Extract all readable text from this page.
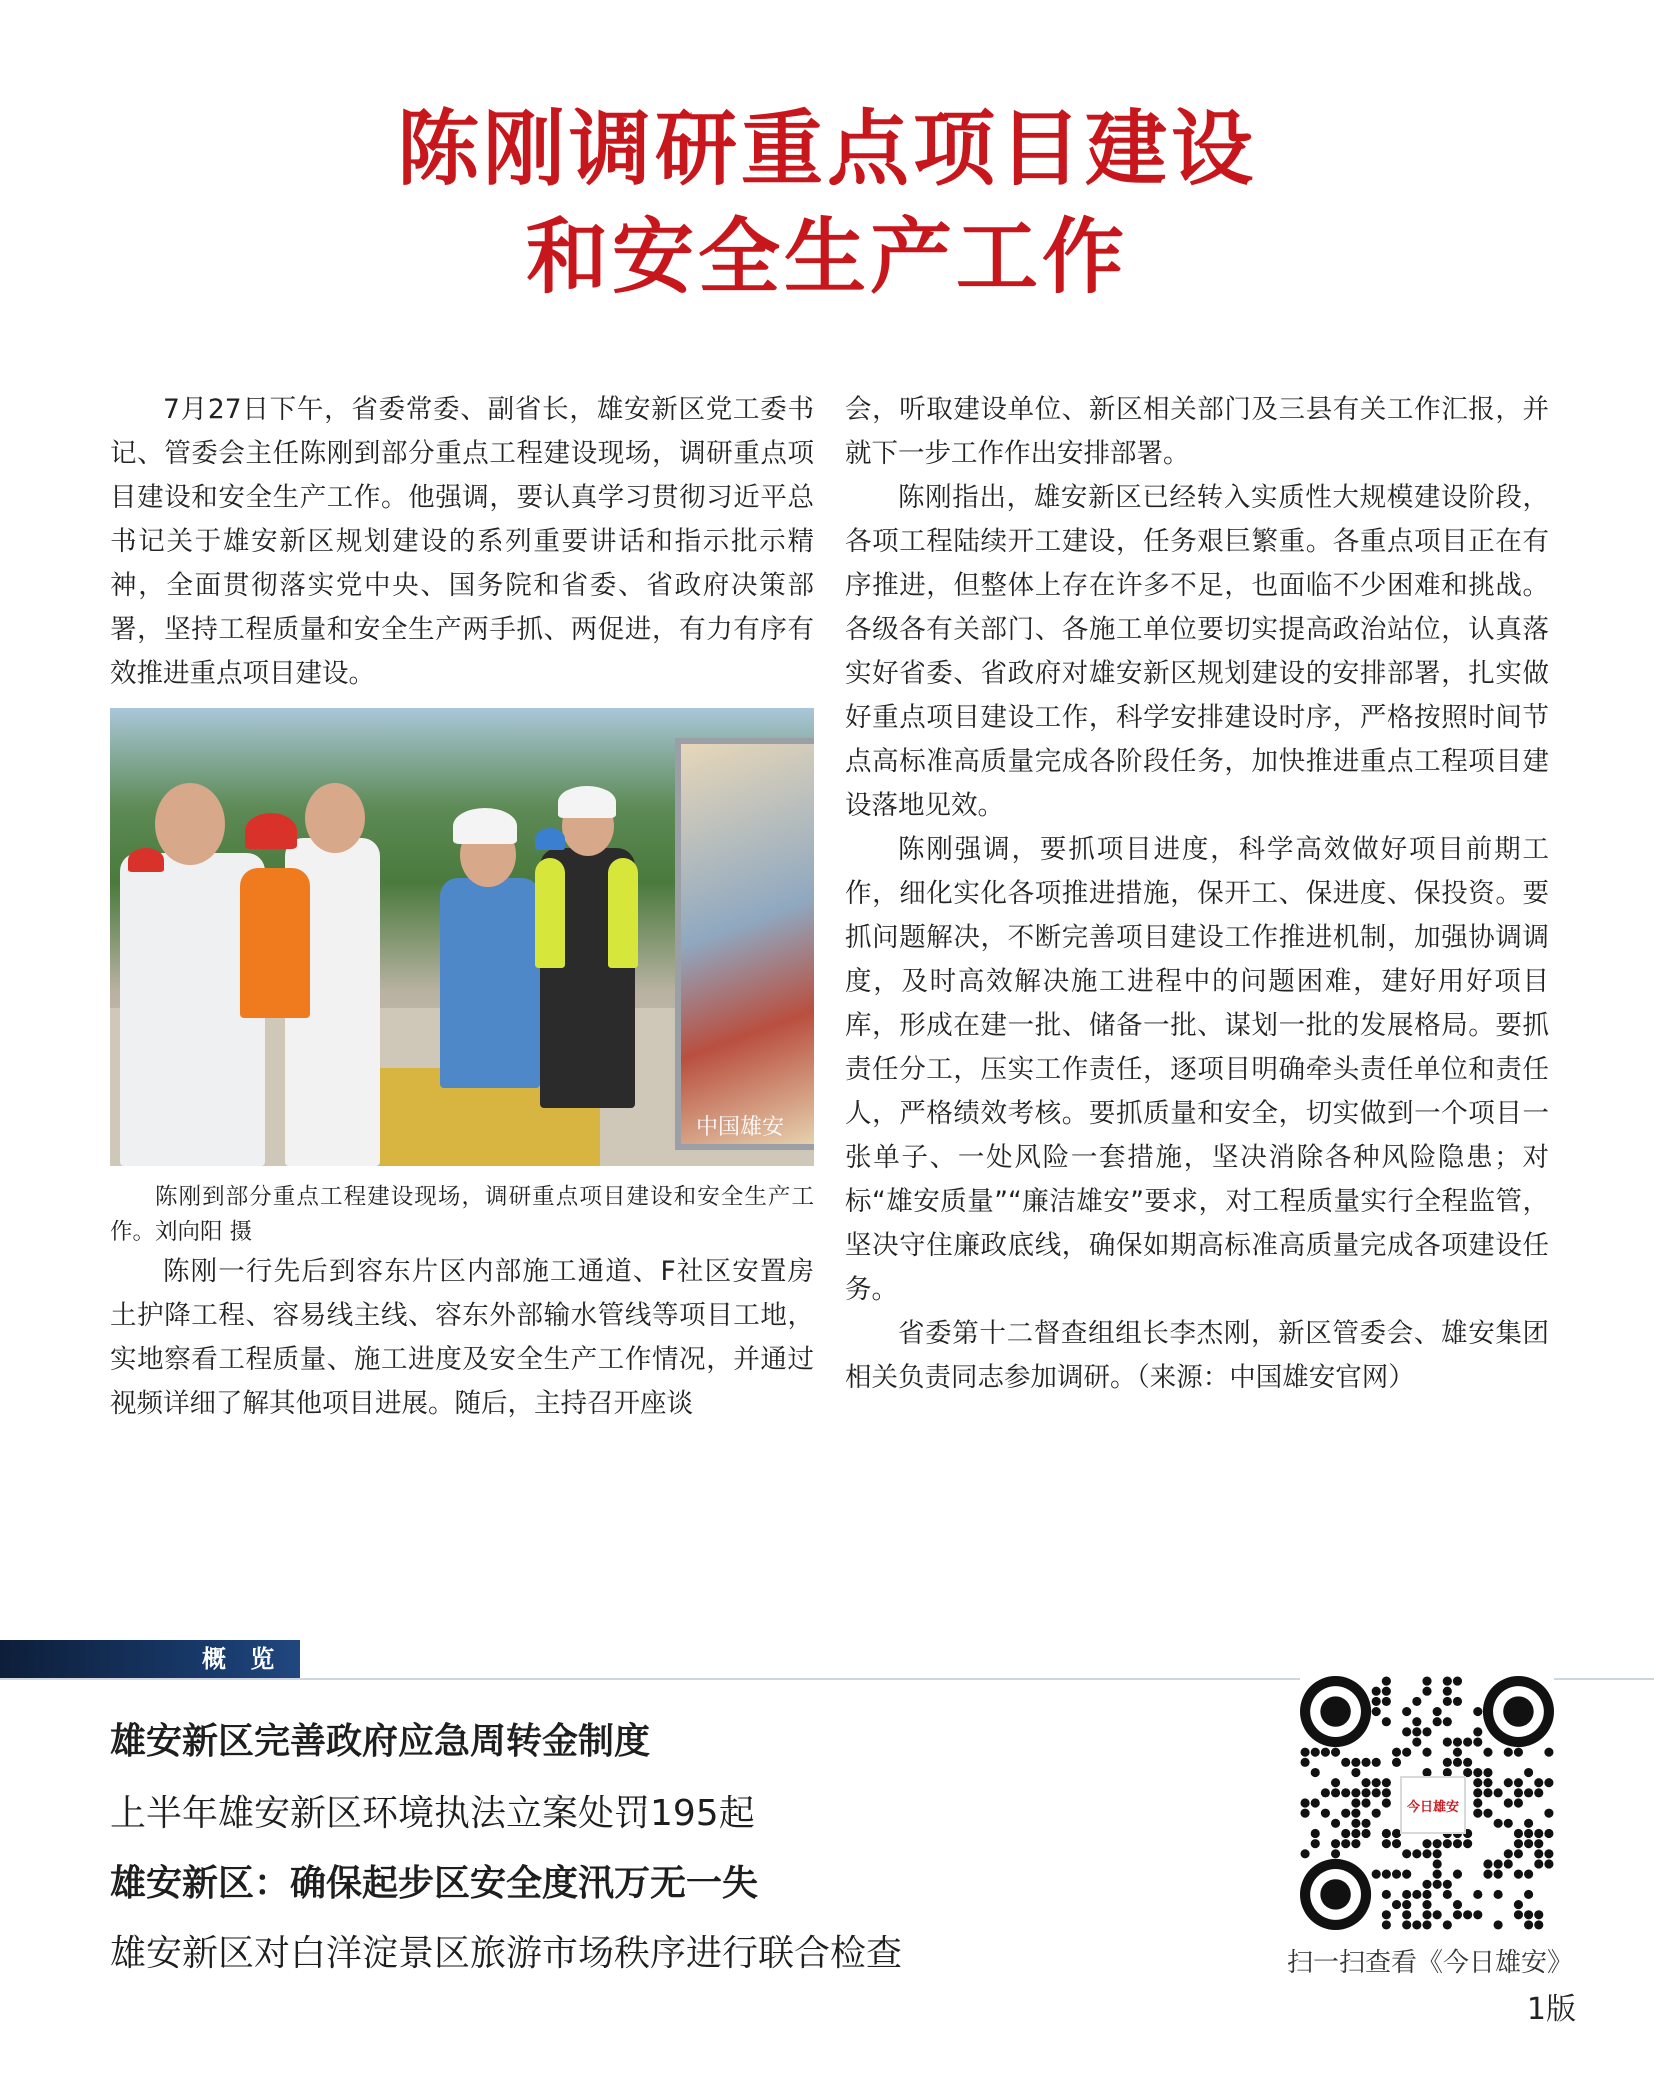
陈刚调研重点项目建设
和安全生产工作

7月27日下午，省委常委、副省长，雄安新区党工委书记、管委会主任陈刚到部分重点工程建设现场，调研重点项目建设和安全生产工作。他强调，要认真学习贯彻习近平总书记关于雄安新区规划建设的系列重要讲话和指示批示精神，全面贯彻落实党中央、国务院和省委、省政府决策部署，坚持工程质量和安全生产两手抓、两促进，有力有序有效推进重点项目建设。

中国雄安

陈刚到部分重点工程建设现场，调研重点项目建设和安全生产工作。刘向阳 摄

陈刚一行先后到容东片区内部施工通道、F社区安置房土护降工程、容易线主线、容东外部输水管线等项目工地，实地察看工程质量、施工进度及安全生产工作情况，并通过视频详细了解其他项目进展。随后，主持召开座谈

会，听取建设单位、新区相关部门及三县有关工作汇报，并就下一步工作作出安排部署。

陈刚指出，雄安新区已经转入实质性大规模建设阶段，各项工程陆续开工建设，任务艰巨繁重。各重点项目正在有序推进，但整体上存在许多不足，也面临不少困难和挑战。各级各有关部门、各施工单位要切实提高政治站位，认真落实好省委、省政府对雄安新区规划建设的安排部署，扎实做好重点项目建设工作，科学安排建设时序，严格按照时间节点高标准高质量完成各阶段任务，加快推进重点工程项目建设落地见效。

陈刚强调，要抓项目进度，科学高效做好项目前期工作，细化实化各项推进措施，保开工、保进度、保投资。要抓问题解决，不断完善项目建设工作推进机制，加强协调调度，及时高效解决施工进程中的问题困难，建好用好项目库，形成在建一批、储备一批、谋划一批的发展格局。要抓责任分工，压实工作责任，逐项目明确牵头责任单位和责任人，严格绩效考核。要抓质量和安全，切实做到一个项目一张单子、一处风险一套措施，坚决消除各种风险隐患；对标“雄安质量”“廉洁雄安”要求，对工程质量实行全程监管，坚决守住廉政底线，确保如期高标准高质量完成各项建设任务。

省委第十二督查组组长李杰刚，新区管委会、雄安集团相关负责同志参加调研。（来源：中国雄安官网）

概 览
雄安新区完善政府应急周转金制度
上半年雄安新区环境执法立案处罚195起
雄安新区：确保起步区安全度汛万无一失
雄安新区对白洋淀景区旅游市场秩序进行联合检查
今日雄安
扫一扫查看《今日雄安》
1版
